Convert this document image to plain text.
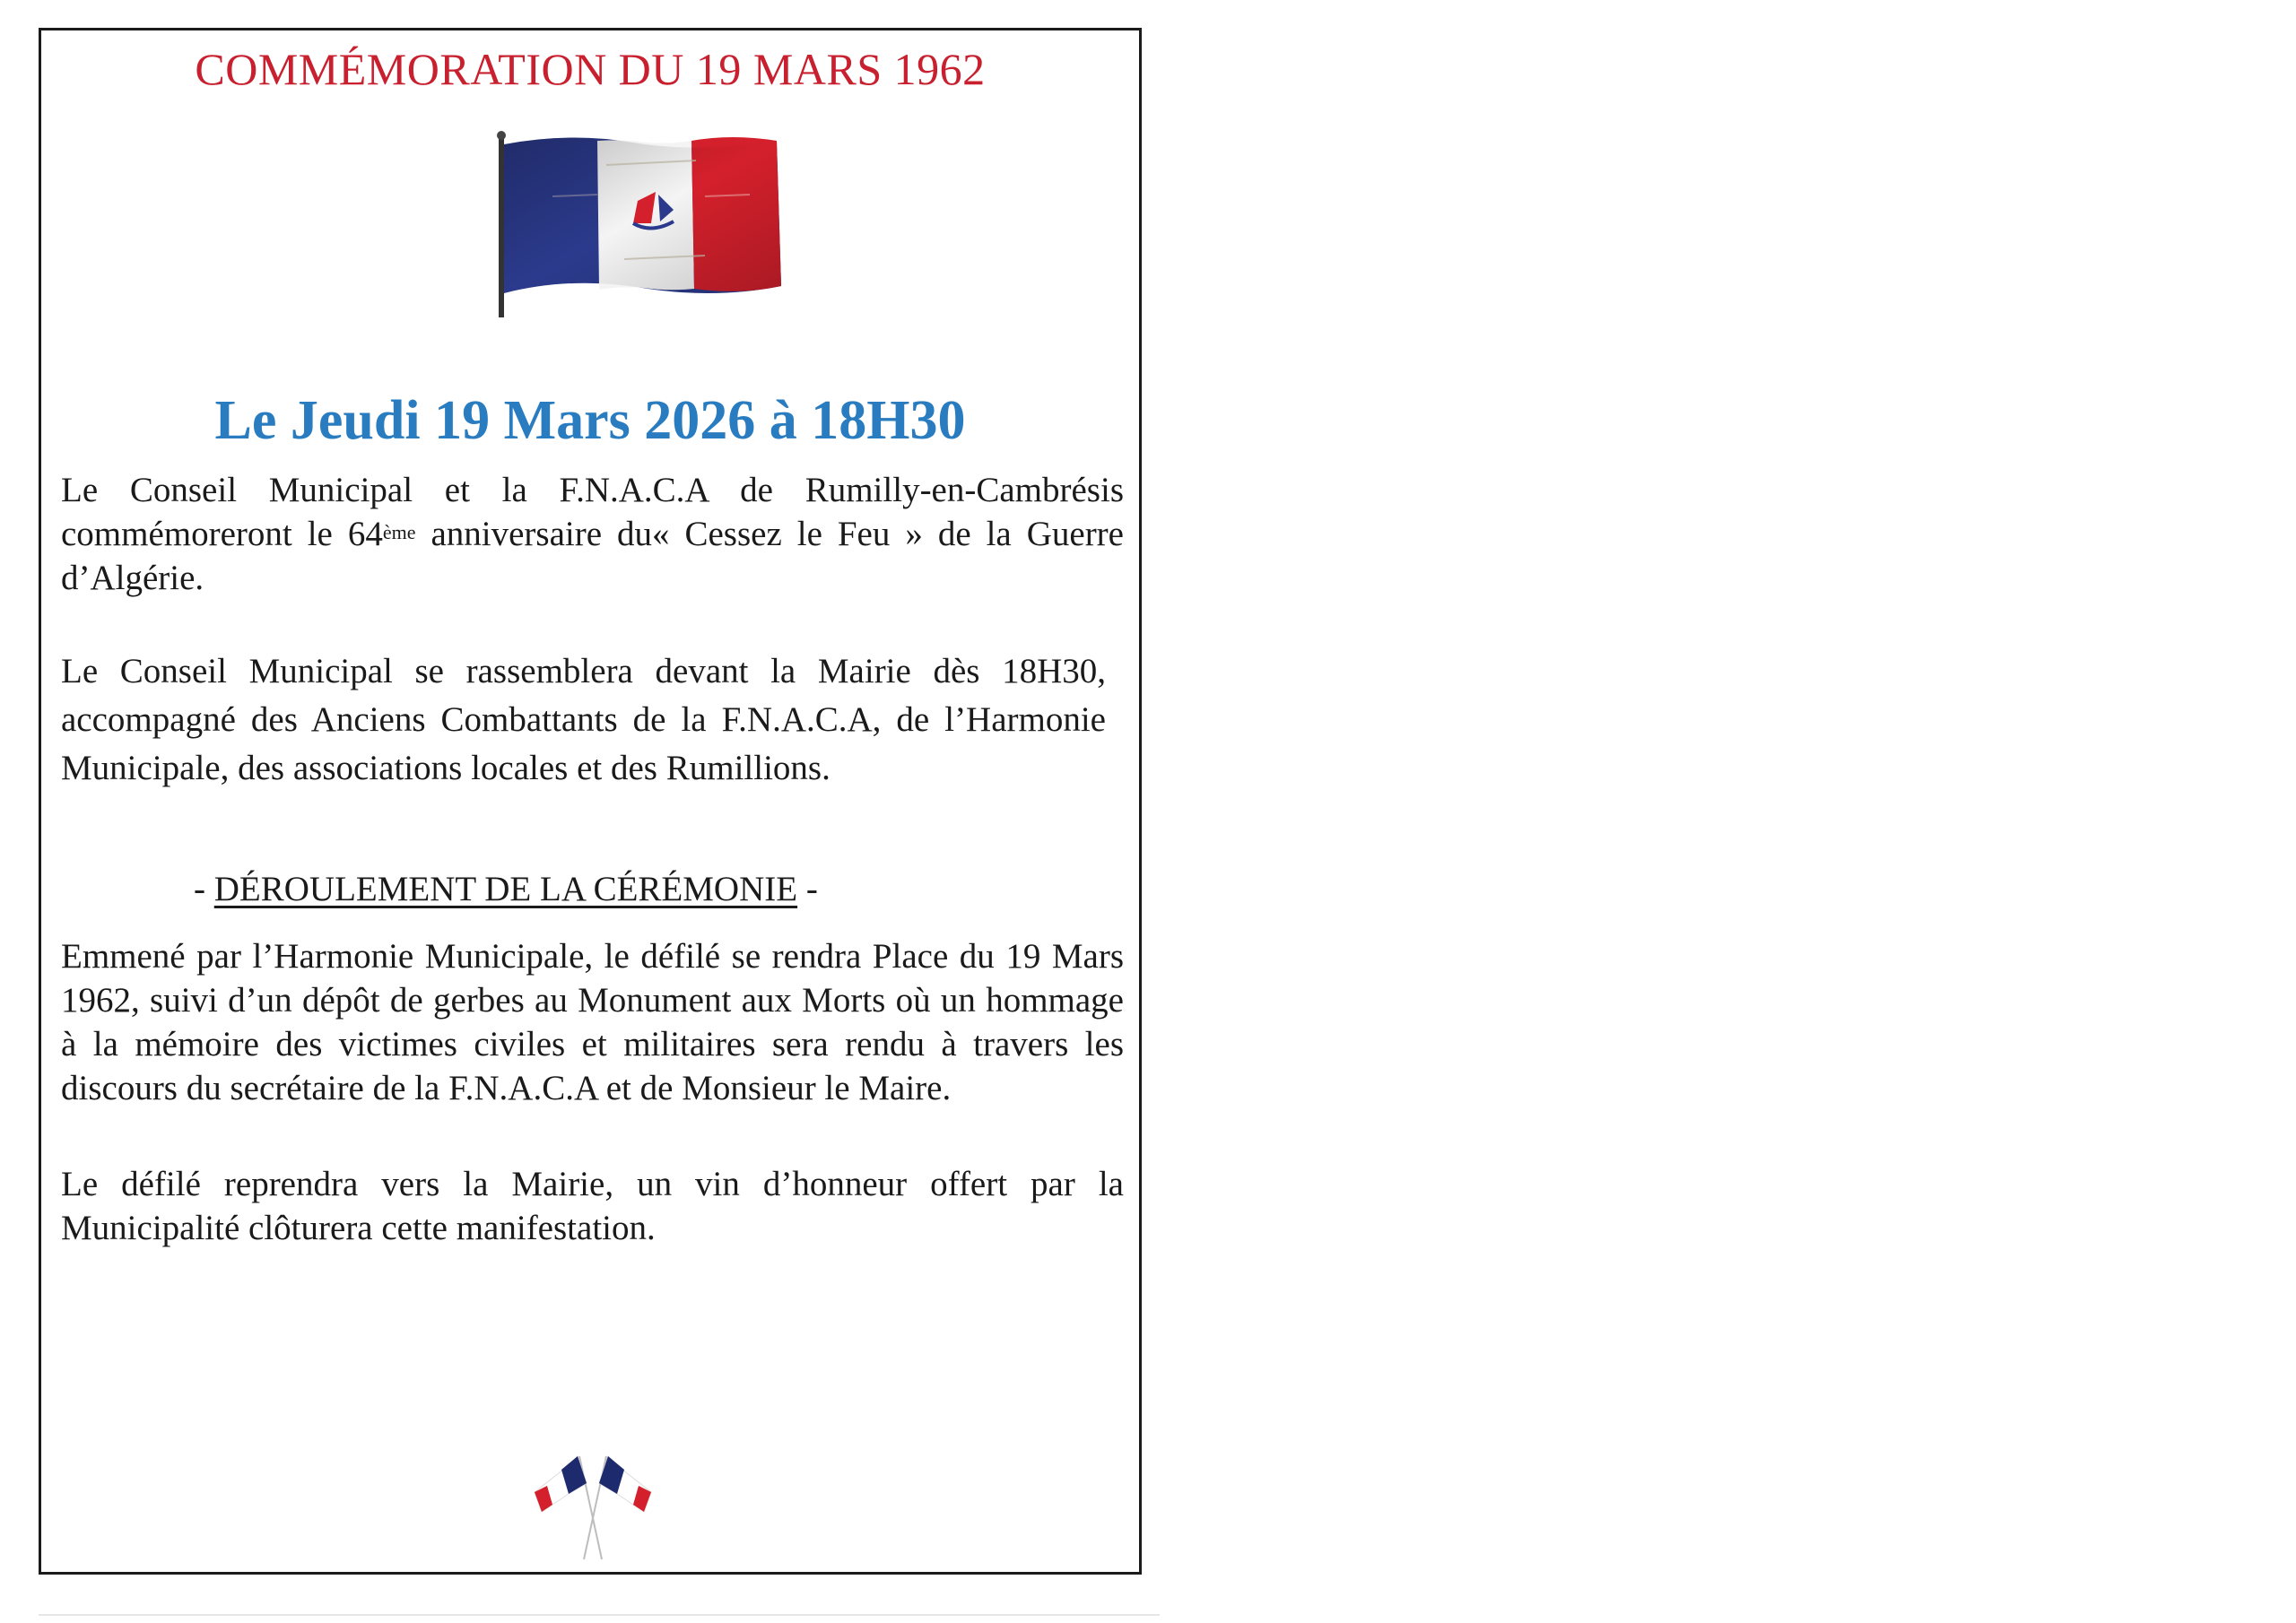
COMMÉMORATION DU 19 MARS 1962
Le Jeudi 19 Mars 2026 à 18H30

Le Conseil Municipal et la F.N.A.C.A de Rumilly-en-Cambrésis commémoreront le 64ème anniversaire du« Cessez le Feu » de la Guerre d’Algérie.

Le Conseil Municipal se rassemblera devant la Mairie dès 18H30, accompagné des Anciens Combattants de la F.N.A.C.A, de l’Harmonie Municipale, des associations locales et des Rumillions.

- DÉROULEMENT DE LA CÉRÉMONIE -

Emmené par l’Harmonie Municipale, le défilé se rendra Place du 19 Mars 1962, suivi d’un dépôt de gerbes au Monument aux Morts où un hommage à la mémoire des victimes civiles et militaires sera rendu à travers les discours du secrétaire de la F.N.A.C.A et de Monsieur le Maire.

Le défilé reprendra vers la Mairie, un vin d’honneur offert par la Municipalité clôturera cette manifestation.
